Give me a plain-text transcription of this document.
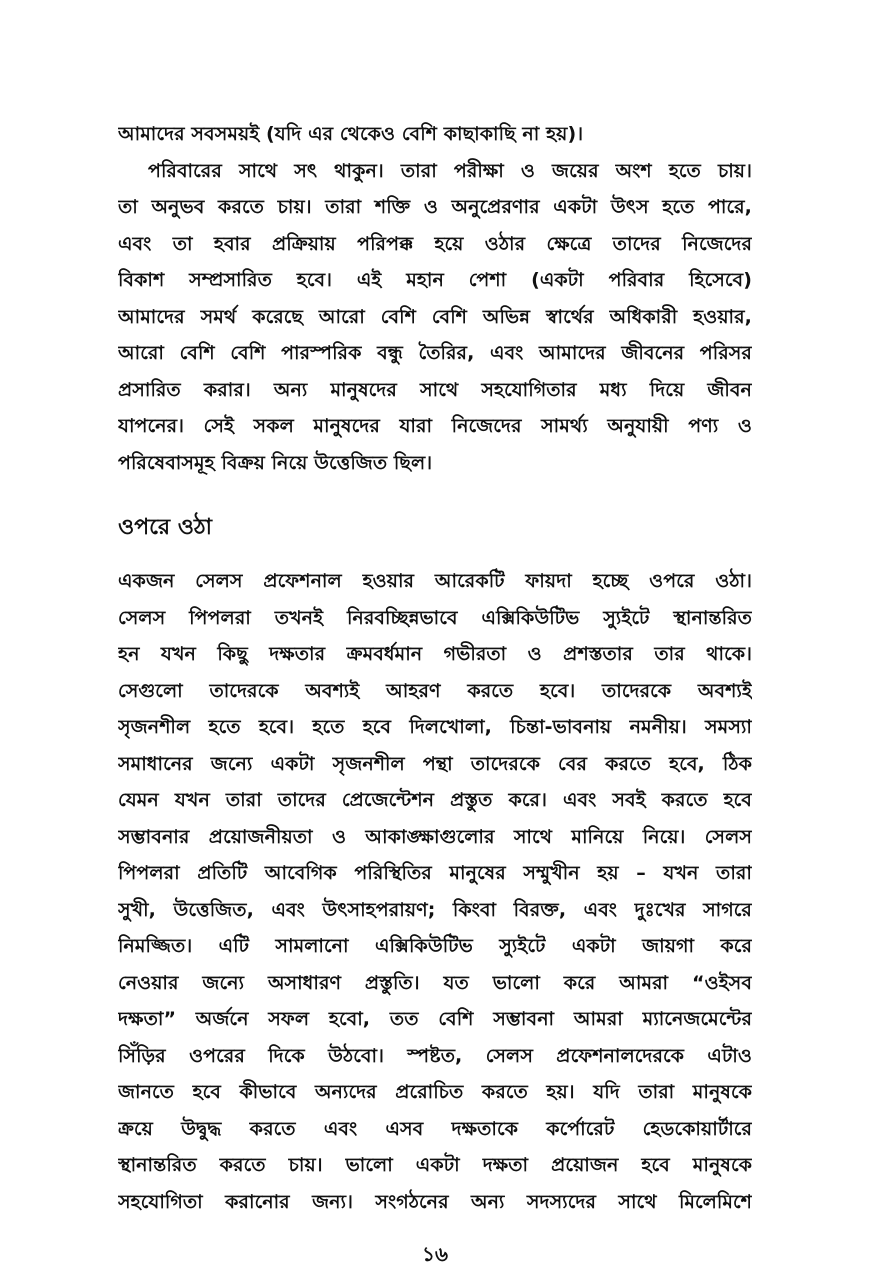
আমাদের সবসময়ই (যদি এর থেকেও বেশি কাছাকাছি না হয়)।
পরিবারের সাথে সৎ থাকুন। তারা পরীক্ষা ও জয়ের অংশ হতে চায়।
তা অনুভব করতে চায়। তারা শক্তি ও অনুপ্রেরণার একটা উৎস হতে পারে,
এবং তা হবার প্রক্রিয়ায় পরিপক্ক হয়ে ওঠার ক্ষেত্রে তাদের নিজেদের
বিকাশ সম্প্রসারিত হবে। এই মহান পেশা (একটা পরিবার হিসেবে)
আমাদের সমর্থ করেছে আরো বেশি বেশি অভিন্ন স্বার্থের অধিকারী হওয়ার,
আরো বেশি বেশি পারস্পরিক বন্ধু তৈরির, এবং আমাদের জীবনের পরিসর
প্রসারিত করার। অন্য মানুষদের সাথে সহযোগিতার মধ্য দিয়ে জীবন
যাপনের। সেই সকল মানুষদের যারা নিজেদের সামর্থ্য অনুযায়ী পণ্য ও
পরিষেবাসমূহ বিক্রয় নিয়ে উত্তেজিত ছিল।
ওপরে ওঠা
একজন সেলস প্রফেশনাল হওয়ার আরেকটি ফায়দা হচ্ছে ওপরে ওঠা।
সেলস পিপলরা তখনই নিরবচ্ছিন্নভাবে এক্সিকিউটিভ স্যুইটে স্থানান্তরিত
হন যখন কিছু দক্ষতার ক্রমবর্ধমান গভীরতা ও প্রশস্ততার তার থাকে।
সেগুলো তাদেরকে অবশ্যই আহরণ করতে হবে। তাদেরকে অবশ্যই
সৃজনশীল হতে হবে। হতে হবে দিলখোলা, চিন্তা-ভাবনায় নমনীয়। সমস্যা
সমাধানের জন্যে একটা সৃজনশীল পন্থা তাদেরকে বের করতে হবে, ঠিক
যেমন যখন তারা তাদের প্রেজেন্টেশন প্রস্তুত করে। এবং সবই করতে হবে
সম্ভাবনার প্রয়োজনীয়তা ও আকাঙ্ক্ষাগুলোর সাথে মানিয়ে নিয়ে। সেলস
পিপলরা প্রতিটি আবেগিক পরিস্থিতির মানুষের সম্মুখীন হয় – যখন তারা
সুখী, উত্তেজিত, এবং উৎসাহপরায়ণ; কিংবা বিরক্ত, এবং দুঃখের সাগরে
নিমজ্জিত। এটি সামলানো এক্সিকিউটিভ স্যুইটে একটা জায়গা করে
নেওয়ার জন্যে অসাধারণ প্রস্তুতি। যত ভালো করে আমরা “ওইসব
দক্ষতা” অর্জনে সফল হবো, তত বেশি সম্ভাবনা আমরা ম্যানেজমেন্টের
সিঁড়ির ওপরের দিকে উঠবো। স্পষ্টত, সেলস প্রফেশনালদেরকে এটাও
জানতে হবে কীভাবে অন্যদের প্ররোচিত করতে হয়। যদি তারা মানুষকে
ক্রয়ে উদ্বুদ্ধ করতে এবং এসব দক্ষতাকে কর্পোরেট হেডকোয়ার্টারে
স্থানান্তরিত করতে চায়। ভালো একটা দক্ষতা প্রয়োজন হবে মানুষকে
সহযোগিতা করানোর জন্য। সংগঠনের অন্য সদস্যদের সাথে মিলেমিশে
১৬
